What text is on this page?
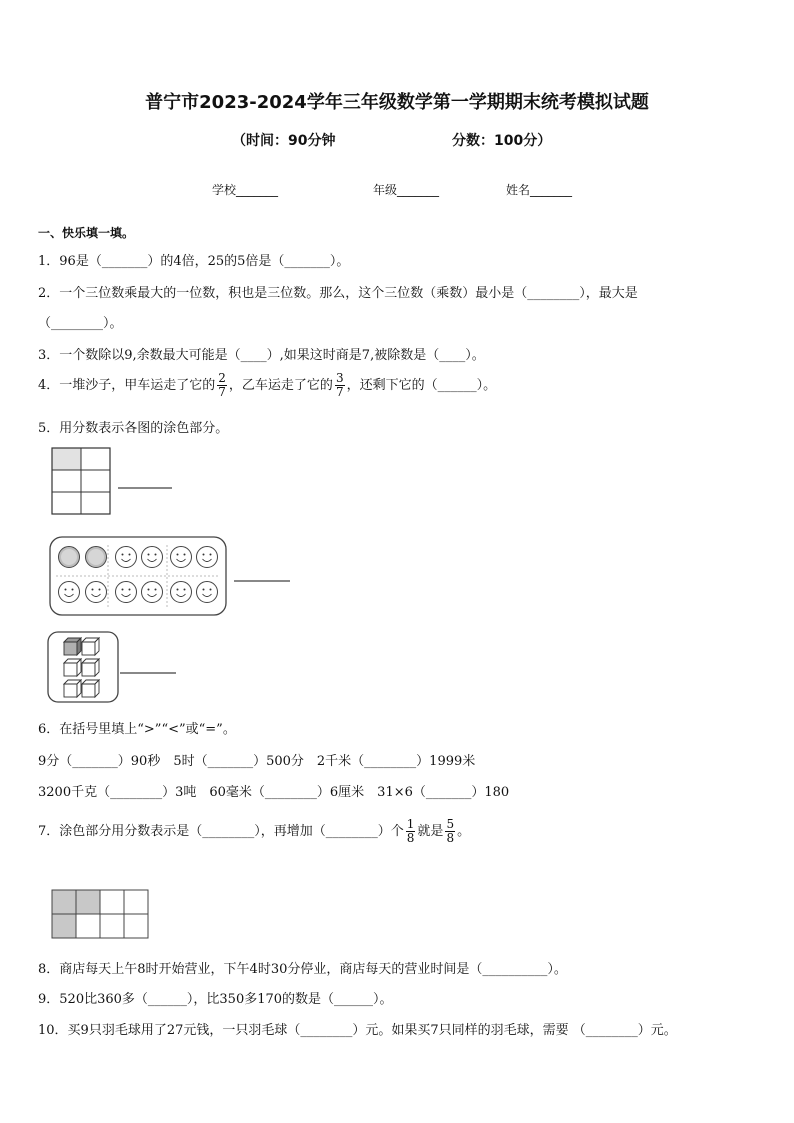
普宁市2023-2024学年三年级数学第一学期期末统考模拟试题
（时间：90分钟	分数：100分）
学校_______	年级_______	姓名_______
一、快乐填一填。
1．96是（_______）的4倍，25的5倍是（_______）。
2．一个三位数乘最大的一位数，积也是三位数。那么，这个三位数（乘数）最小是（________），最大是
（________）。
3．一个数除以9,余数最大可能是（____）,如果这时商是7,被除数是（____）。
4．一堆沙子，甲车运走了它的 $\frac{2}{7}$ ，乙车运走了它的 $\frac{3}{7}$ ，还剩下它的（______）。
5．用分数表示各图的涂色部分。
6．在括号里填上“>”“<”或“=”。
9分（_______）90秒　5时（_______）500分　2千米（________）1999米
3200千克（________）3吨　60毫米（________）6厘米　31×6（_______）180
7．涂色部分用分数表示是（________），再增加（________）个 $\frac{1}{8}$ 就是 $\frac{5}{8}$ 。
8．商店每天上午8时开始营业，下午4时30分停业，商店每天的营业时间是（__________）。
9．520比360多（______），比350多170的数是（______）。
10．买9只羽毛球用了27元钱，一只羽毛球（________）元。如果买7只同样的羽毛球，需要 （________）元。
